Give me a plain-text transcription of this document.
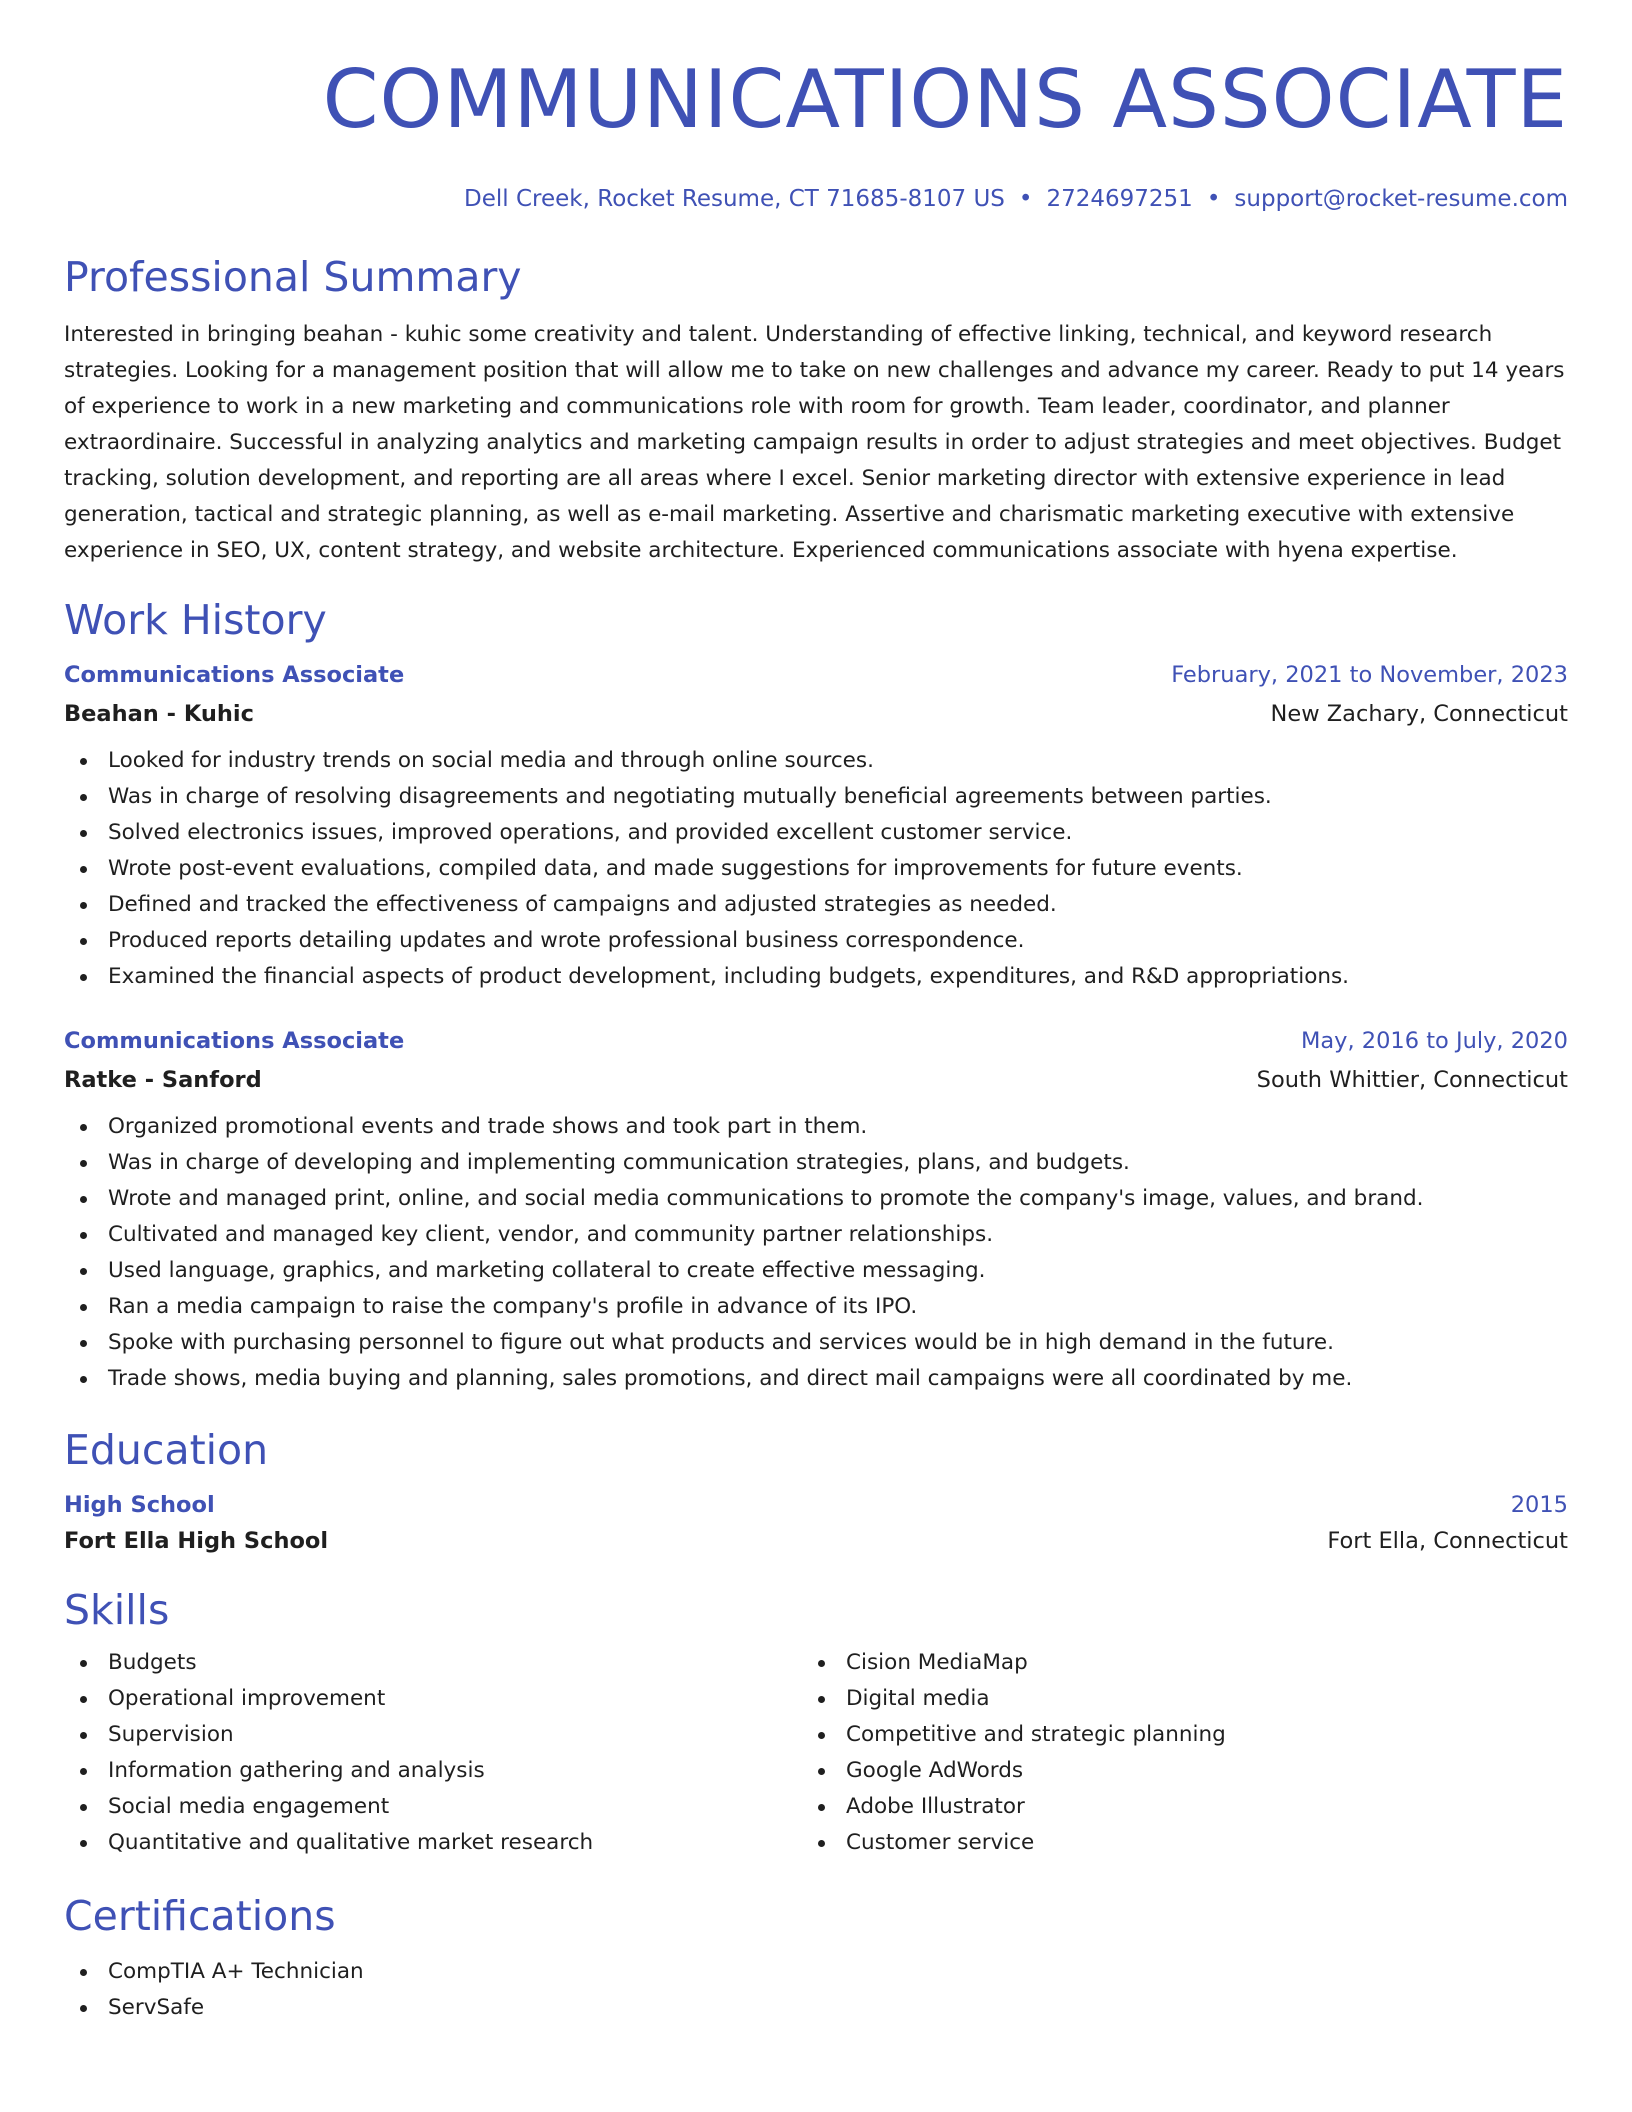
COMMUNICATIONS ASSOCIATE
Dell Creek, Rocket Resume, CT 71685-8107 US • 2724697251 • support@rocket-resume.com
Professional Summary

Interested in bringing beahan - kuhic some creativity and talent. Understanding of effective linking, technical, and keyword research strategies. Looking for a management position that will allow me to take on new challenges and advance my career. Ready to put 14 years of experience to work in a new marketing and communications role with room for growth. Team leader, coordinator, and planner extraordinaire. Successful in analyzing analytics and marketing campaign results in order to adjust strategies and meet objectives. Budget tracking, solution development, and reporting are all areas where I excel. Senior marketing director with extensive experience in lead generation, tactical and strategic planning, as well as e-mail marketing. Assertive and charismatic marketing executive with extensive experience in SEO, UX, content strategy, and website architecture. Experienced communications associate with hyena expertise.

Work History
Communications Associate	February, 2021 to November, 2023
Beahan - Kuhic	New Zachary, Connecticut
Looked for industry trends on social media and through online sources.
Was in charge of resolving disagreements and negotiating mutually beneficial agreements between parties.
Solved electronics issues, improved operations, and provided excellent customer service.
Wrote post-event evaluations, compiled data, and made suggestions for improvements for future events.
Defined and tracked the effectiveness of campaigns and adjusted strategies as needed.
Produced reports detailing updates and wrote professional business correspondence.
Examined the financial aspects of product development, including budgets, expenditures, and R&D appropriations.
Communications Associate	May, 2016 to July, 2020
Ratke - Sanford	South Whittier, Connecticut
Organized promotional events and trade shows and took part in them.
Was in charge of developing and implementing communication strategies, plans, and budgets.
Wrote and managed print, online, and social media communications to promote the company's image, values, and brand.
Cultivated and managed key client, vendor, and community partner relationships.
Used language, graphics, and marketing collateral to create effective messaging.
Ran a media campaign to raise the company's profile in advance of its IPO.
Spoke with purchasing personnel to figure out what products and services would be in high demand in the future.
Trade shows, media buying and planning, sales promotions, and direct mail campaigns were all coordinated by me.
Education
High School	2015
Fort Ella High School	Fort Ella, Connecticut
Skills
Budgets
Operational improvement
Supervision
Information gathering and analysis
Social media engagement
Quantitative and qualitative market research
Cision MediaMap
Digital media
Competitive and strategic planning
Google AdWords
Adobe Illustrator
Customer service
Certifications
CompTIA A+ Technician
ServSafe
